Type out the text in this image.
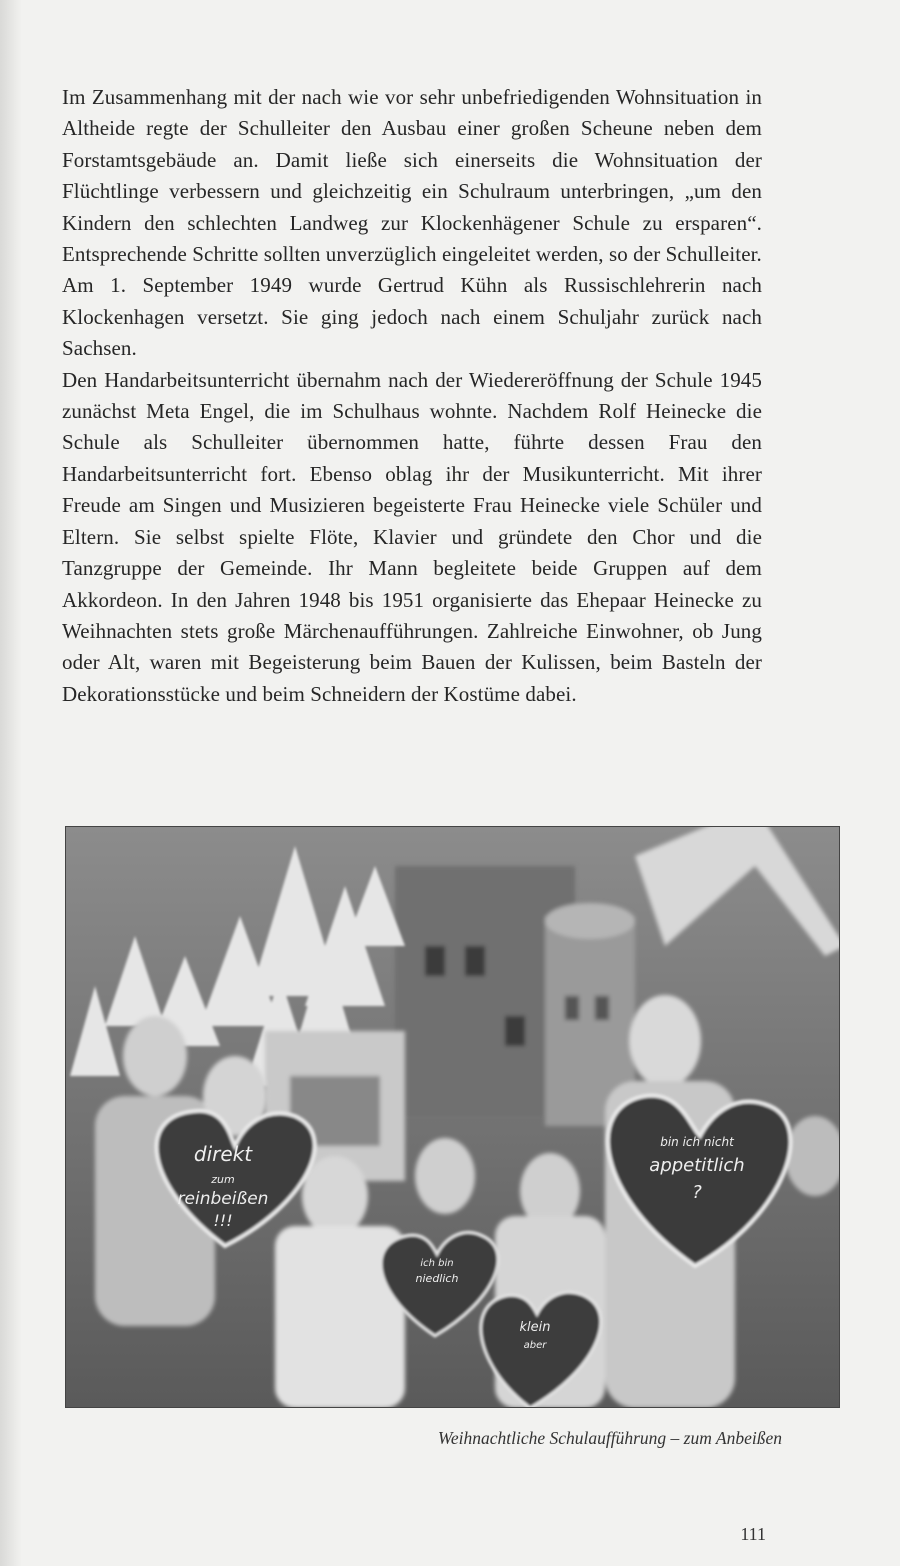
Im Zusammenhang mit der nach wie vor sehr unbefriedigenden Wohnsituation in Altheide regte der Schulleiter den Ausbau einer großen Scheune neben dem Forstamtsgebäude an. Damit ließe sich einerseits die Wohnsituation der Flüchtlinge verbessern und gleichzeitig ein Schulraum unterbringen, „um den Kindern den schlechten Landweg zur Klockenhägener Schule zu ersparen“. Entsprechende Schritte sollten unverzüglich eingeleitet werden, so der Schulleiter.

Am 1. September 1949 wurde Gertrud Kühn als Russischlehrerin nach Klockenhagen versetzt. Sie ging jedoch nach einem Schuljahr zurück nach Sachsen.

Den Handarbeitsunterricht übernahm nach der Wiedereröffnung der Schule 1945 zunächst Meta Engel, die im Schulhaus wohnte. Nachdem Rolf Heinecke die Schule als Schulleiter übernommen hatte, führte dessen Frau den Handarbeitsunterricht fort. Ebenso oblag ihr der Musikunterricht. Mit ihrer Freude am Singen und Musizieren begeisterte Frau Heinecke viele Schüler und Eltern. Sie selbst spielte Flöte, Klavier und gründete den Chor und die Tanzgruppe der Gemeinde. Ihr Mann begleitete beide Gruppen auf dem Akkordeon. In den Jahren 1948 bis 1951 organisierte das Ehepaar Heinecke zu Weihnachten stets große Märchenaufführungen. Zahlreiche Einwohner, ob Jung oder Alt, waren mit Begeisterung beim Bauen der Kulissen, beim Basteln der Dekorationsstücke und beim Schneidern der Kostüme dabei.

direkt
zum
reinbeißen
!!!
bin ich nicht
appetitlich
?
ich bin
niedlich
klein
aber
Weihnachtliche Schulaufführung – zum Anbeißen
111
